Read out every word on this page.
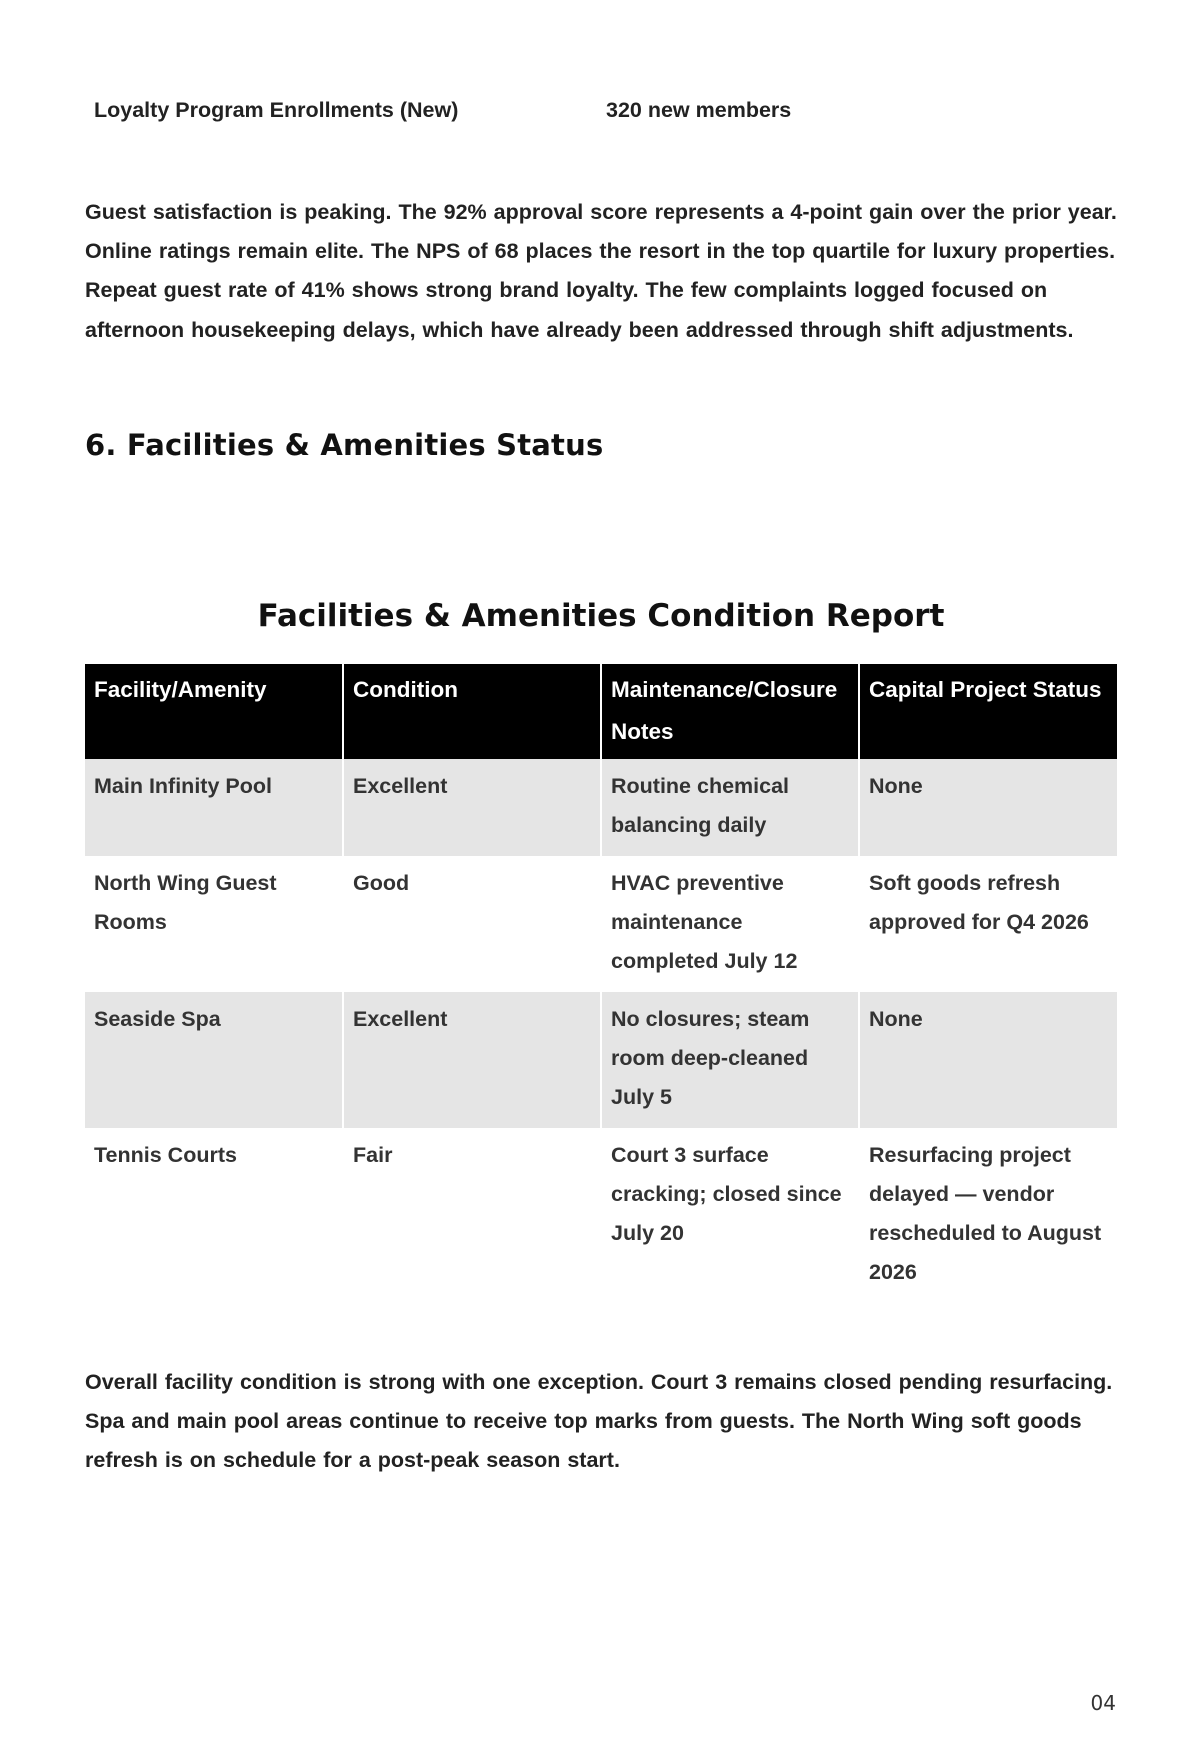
Loyalty Program Enrollments (New)	320 new members

Guest satisfaction is peaking. The 92% approval score represents a 4-point gain over the prior year. Online ratings remain elite. The NPS of 68 places the resort in the top quartile for luxury properties. Repeat guest rate of 41% shows strong brand loyalty. The few complaints logged focused on afternoon housekeeping delays, which have already been addressed through shift adjustments.

6. Facilities & Amenities Status
Facilities & Amenities Condition Report
Facility/Amenity	Condition	Maintenance/Closure Notes	Capital Project Status
Main Infinity Pool	Excellent	Routine chemical balancing daily	None
North Wing Guest Rooms	Good	HVAC preventive maintenance completed July 12	Soft goods refresh approved for Q4 2026
Seaside Spa	Excellent	No closures; steam room deep-cleaned July 5	None
Tennis Courts	Fair	Court 3 surface cracking; closed since July 20	Resurfacing project delayed — vendor rescheduled to August 2026

Overall facility condition is strong with one exception. Court 3 remains closed pending resurfacing. Spa and main pool areas continue to receive top marks from guests. The North Wing soft goods refresh is on schedule for a post-peak season start.

04
